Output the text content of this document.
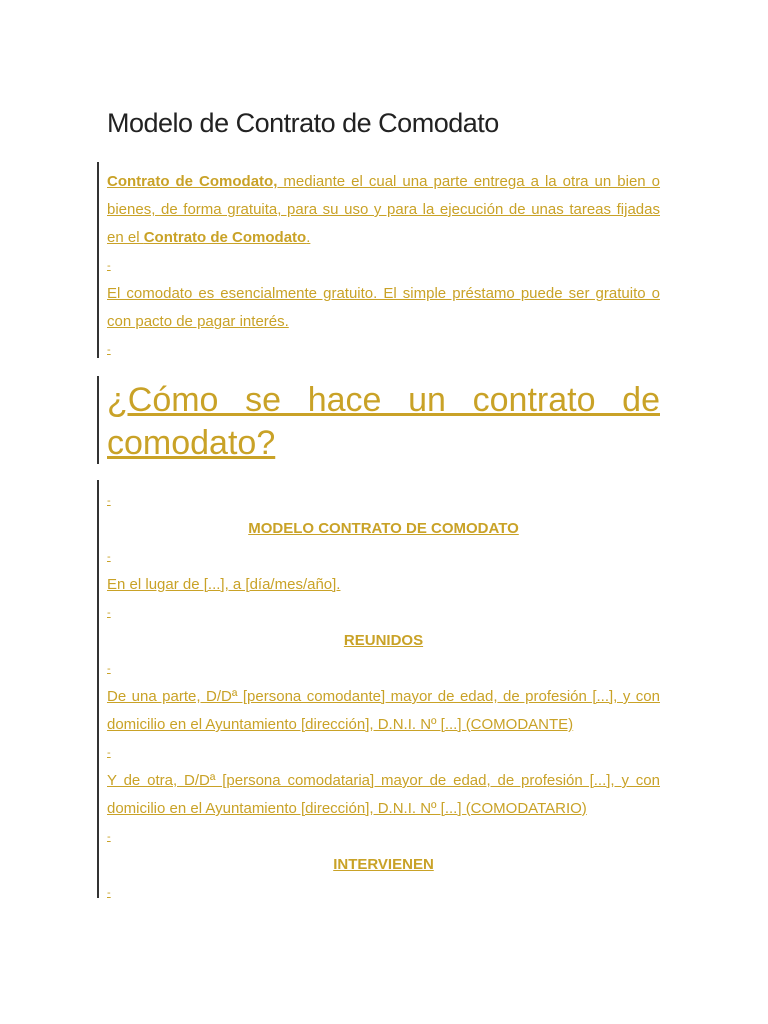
Modelo de Contrato de Comodato

Contrato de Comodato, mediante el cual una parte entrega a la otra un bien o bienes, de forma gratuita, para su uso y para la ejecución de unas tareas fijadas en el Contrato de Comodato.

-

El comodato es esencialmente gratuito. El simple préstamo puede ser gratuito o con pacto de pagar interés.

-

¿Cómo se hace un contrato de comodato?

-

MODELO CONTRATO DE COMODATO

-

En el lugar de [...], a [día/mes/año].

-

REUNIDOS

-

De una parte, D/Dª [persona comodante] mayor de edad, de profesión [...], y con domicilio en el Ayuntamiento [dirección], D.N.I. Nº [...] (COMODANTE)

-

Y de otra, D/Dª [persona comodataria] mayor de edad, de profesión [...], y con domicilio en el Ayuntamiento [dirección], D.N.I. Nº [...] (COMODATARIO)

-

INTERVIENEN

-
